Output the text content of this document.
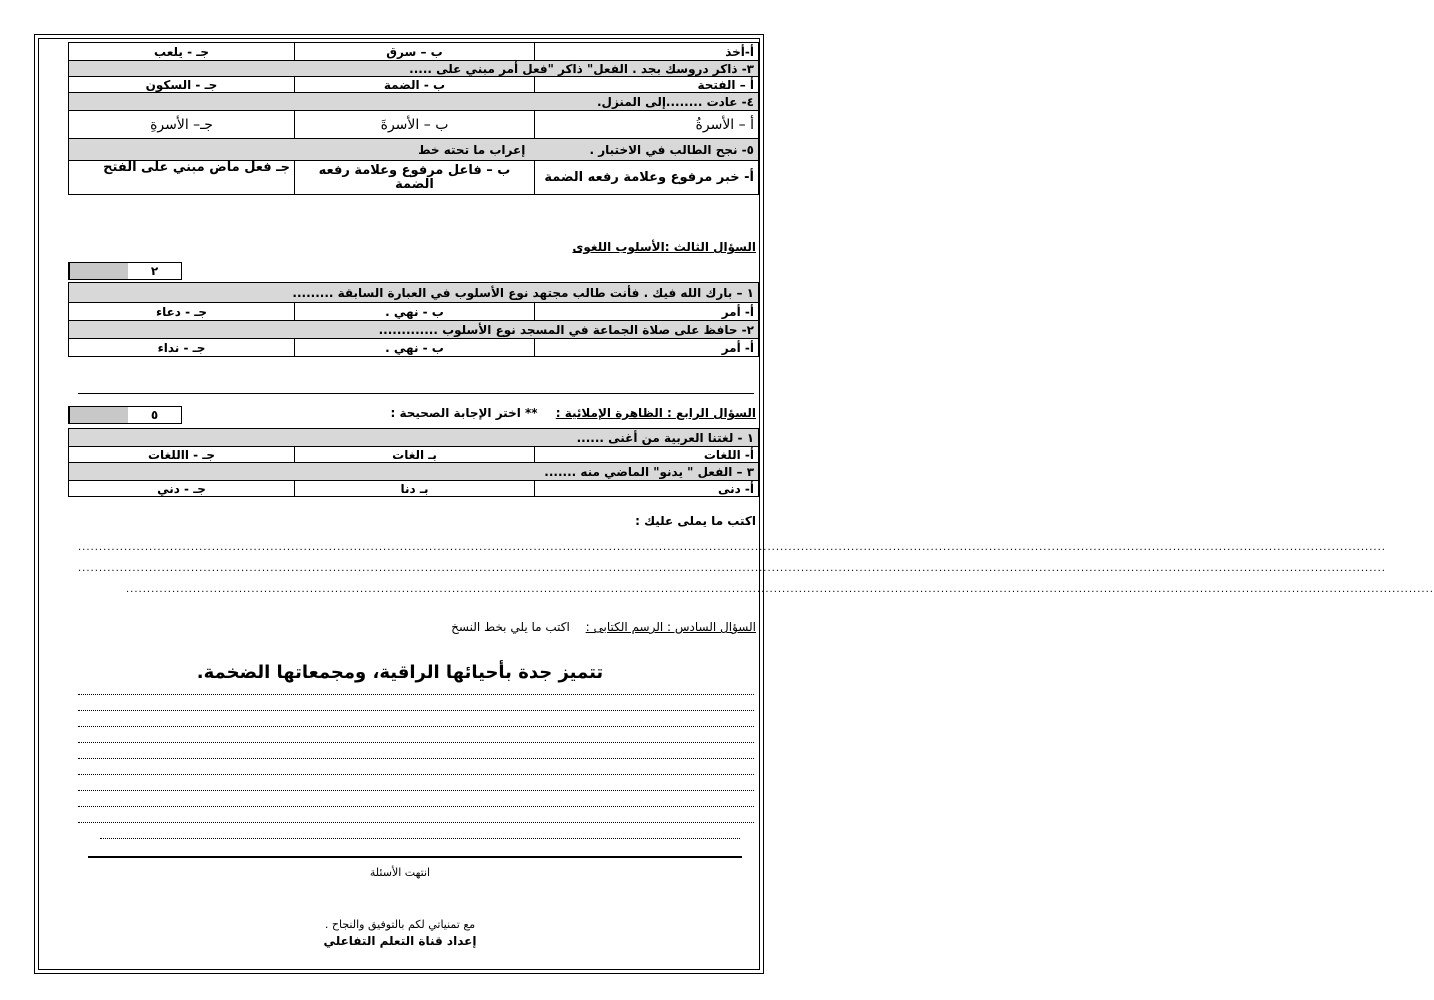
أ-أخذ	ب – سرق	جـ - يلعب
٣- ذاكر دروسك بجد . الفعل" ذاكر "فعل أمر مبني على .....		
أ – الفتحة	ب - الضمة	جـ - السكون
٤- عادت ........إلى المنزل.		
أ – الأسرةُ	ب – الأسرةَ	جـ– الأسرةِ
٥- نجح الطالب في الاختبار . إعراب ما تحته خط		
أ- خبر مرفوع وعلامة رفعه الضمة	ب – فاعل مرفوع وعلامة رفعه الضمة	جـ فعل ماض مبني على الفتح
السؤال الثالث :الأسلوب اللغوى
٢
١ – بارك الله فيك . فأنت طالب مجتهد نوع الأسلوب في العبارة السابقة .........		
أ- أمر	ب - نهي .	جـ - دعاء
٢- حافظ على صلاة الجماعة في المسجد نوع الأسلوب .............		
أ- أمر	ب - نهي .	جـ - نداء
السؤال الرابع : الظاهرة الإملائية : ** اختر الإجابة الصحيحة :
٥
١ - لغتنا العربية من أغنى ......		
أ- اللغات	بـ الغات	جـ - االلغات
٣ – الفعل " يدنو" الماضي منه .......		
أ- دنى	بـ دنا	جـ - دني
اكتب ما يملى عليك :
.........................................................................................................................................................................................................................................................................................................................
.........................................................................................................................................................................................................................................................................................................................
.........................................................................................................................................................................................................................................................................................................................
السؤال السادس : الرسم الكتابى : اكتب ما يلي بخط النسخ
تتميز جدة بأحيائها الراقية، ومجمعاتها الضخمة.
انتهت الأسئلة
مع تمنياتي لكم بالتوفيق والنجاح .
إعداد قناة التعلم التفاعلي
